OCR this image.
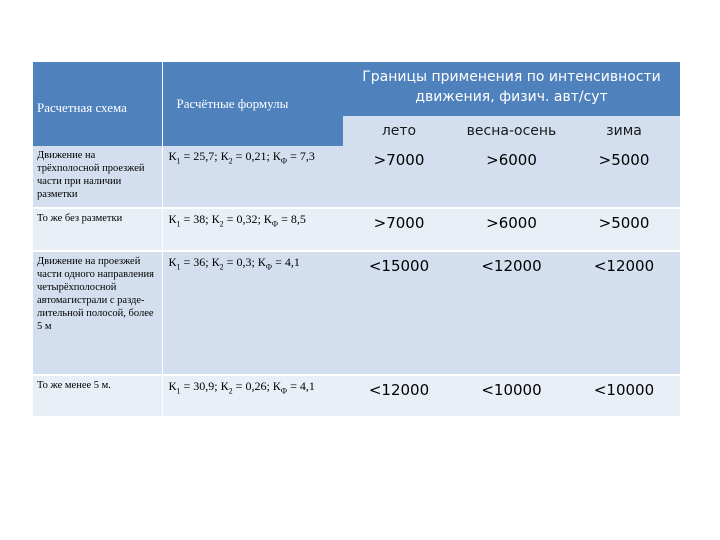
Расчетная схема	Расчётные формулы	Границы применения по интенсивности
движения, физич. авт/сут		

		лето	весна-осень	зима
Движение на трёхполосной проезжей части при наличии разметки	$К_1 = 25,7$; $К_2 = 0,21$; $К_Ф = 7,3$	>7000	>6000	>5000
То же без разметки	$К_1 = 38$; $К_2 = 0,32$; $К_Ф = 8,5$	>7000	>6000	>5000
Движение на проезжей части одного направления четырёхполосной автомагистрали с разде-лительной полосой, более 5 м	$К_1 = 36$; $К_2 = 0,3$; $К_Ф = 4,1$	<15000	<12000	<12000
То же менее 5 м.	$К_1 = 30,9$; $К_2 = 0,26$; $К_Ф = 4,1$	<12000	<10000	<10000
